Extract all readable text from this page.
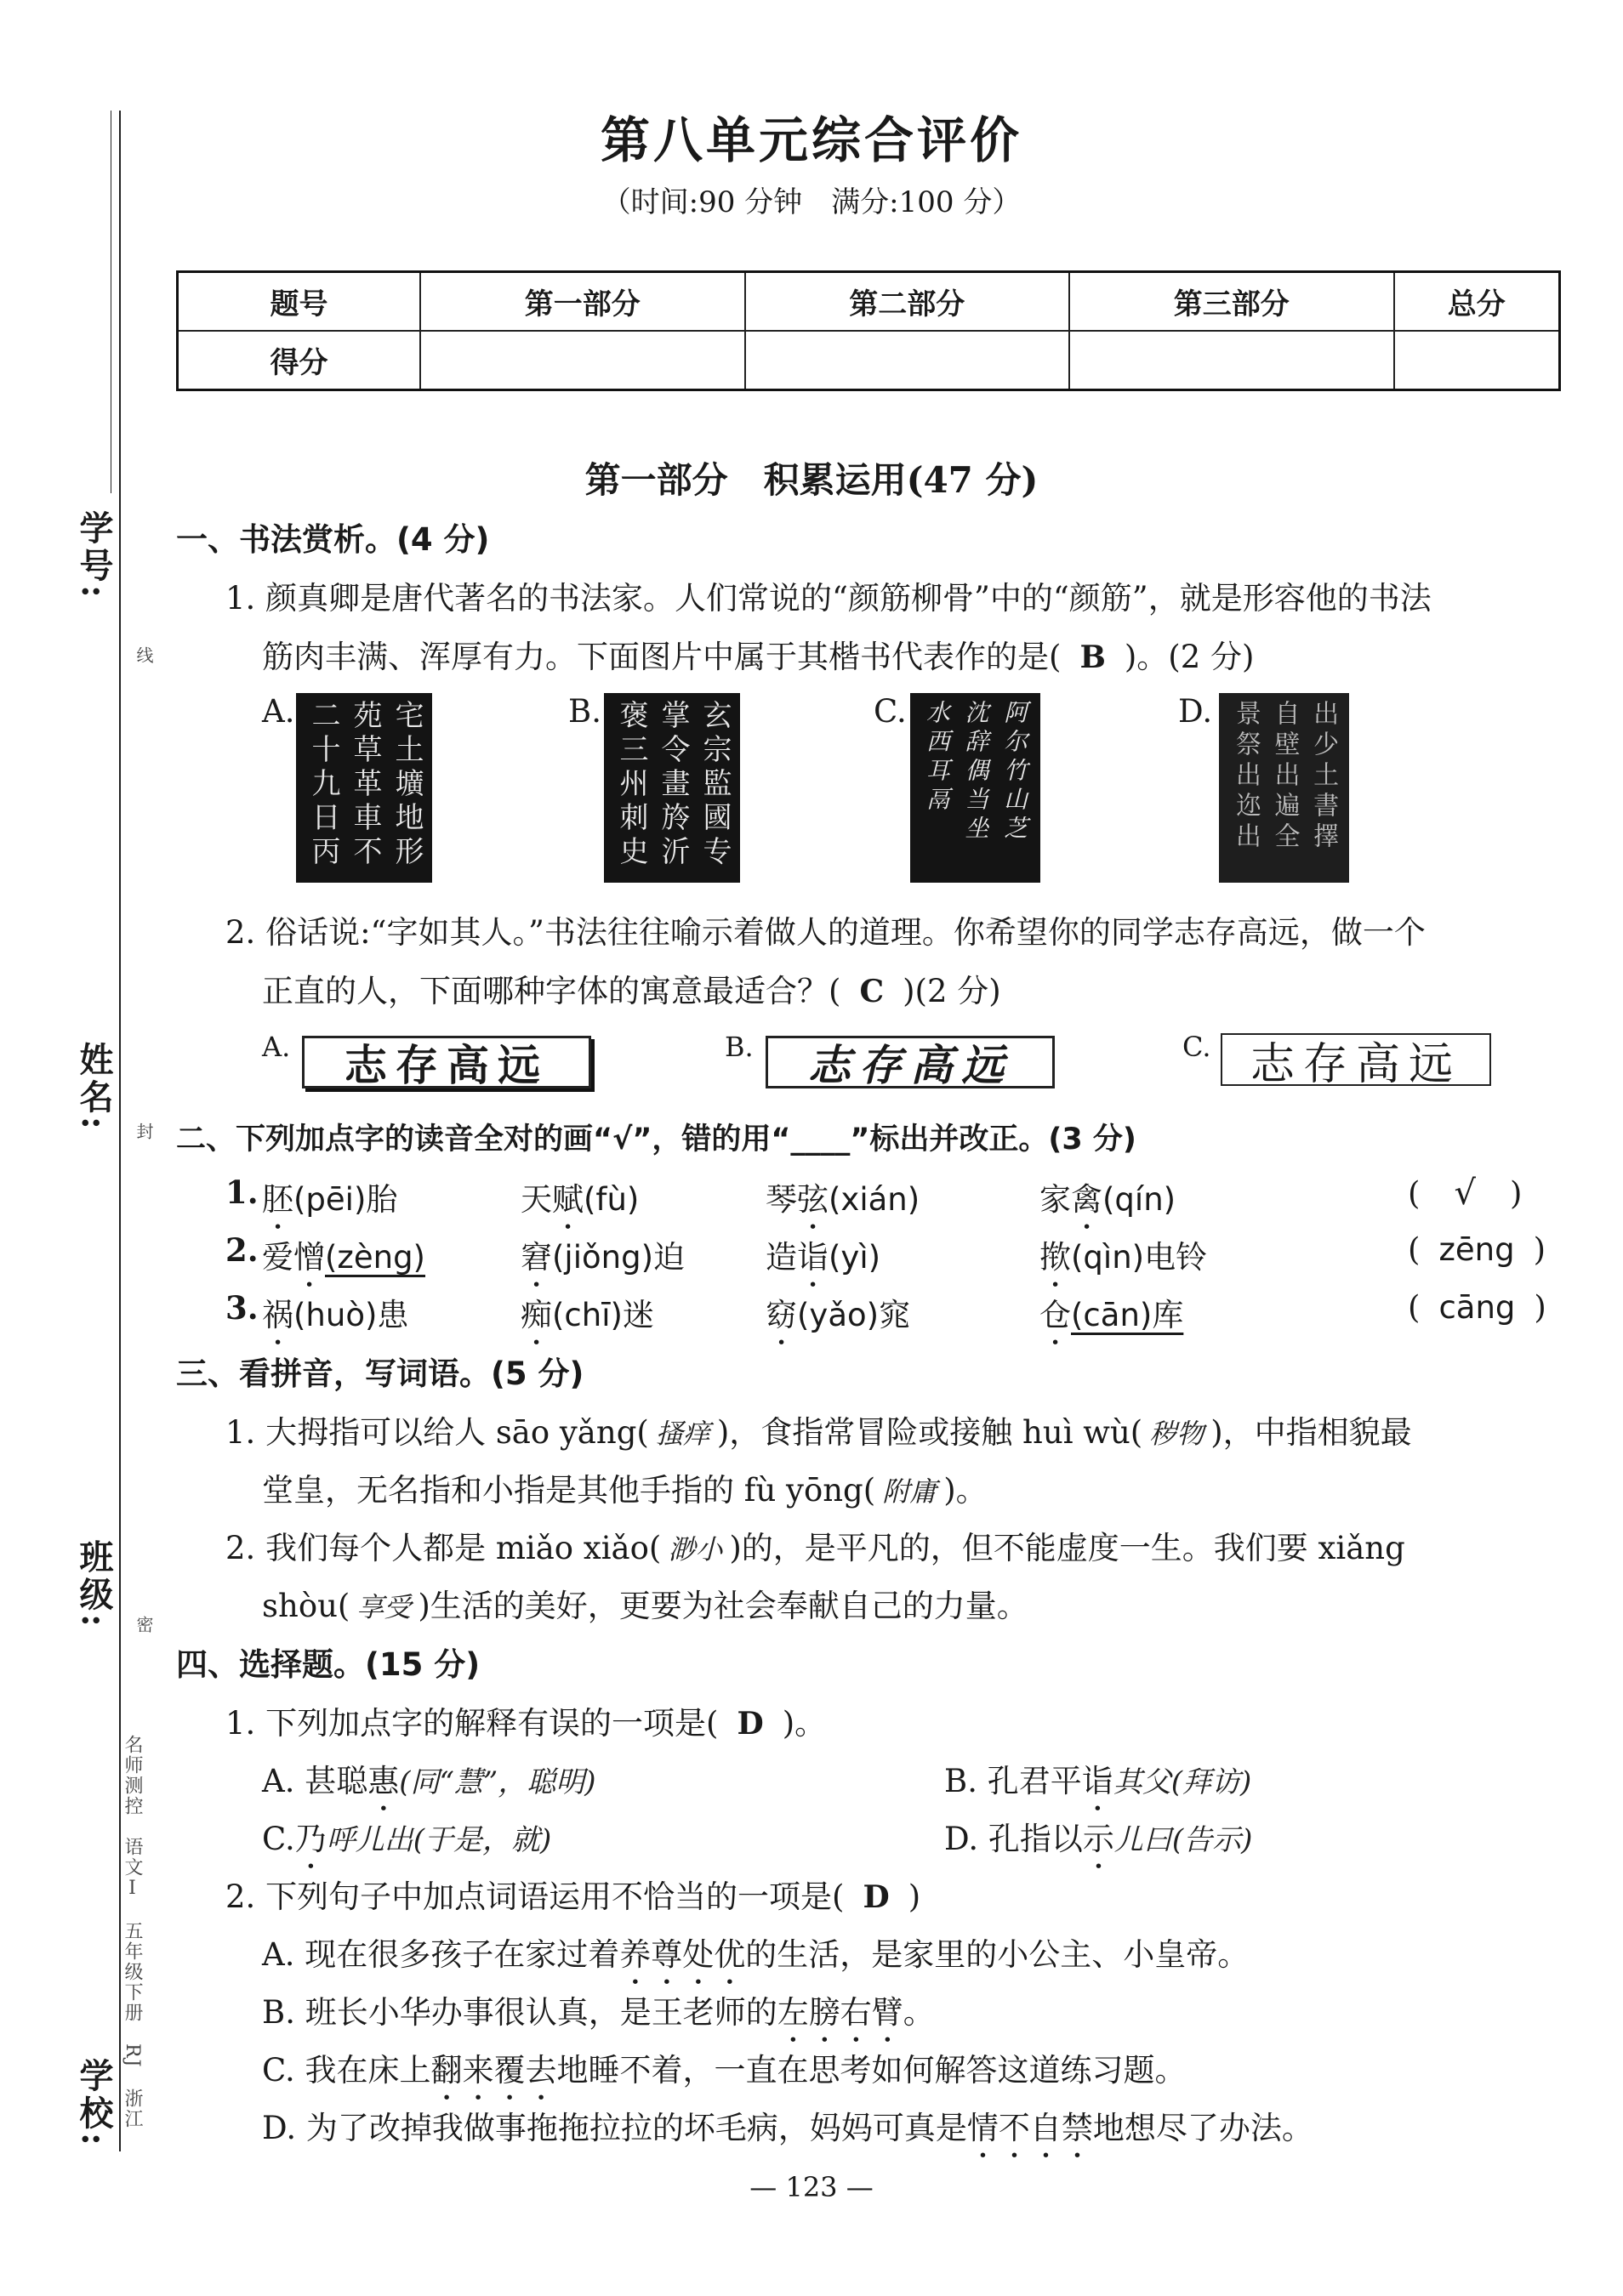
学号:
线
姓名: 封
班级: 密
学校: 名师测控　语文Ⅰ　五年级下册　RJ　浙江
第八单元综合评价
（时间:90 分钟　满分:100 分）
题号	第一部分	第二部分	第三部分	总分
得分				
第一部分　积累运用(47 分)
一、书法赏析。(4 分)
1. 颜真卿是唐代著名的书法家。人们常说的“颜筋柳骨”中的“颜筋”，就是形容他的书法
筋肉丰满、浑厚有力。下面图片中属于其楷书代表作的是( B )。(2 分)
A.	宅土壙地形
苑草革車不
二十九日丙	B.	玄宗監國专
掌令畫旍沂
褒三州刺史	C.	阿尔竹山芝
沈辞偶当坐
水西耳鬲	D.	出少土書擇
自壁出遍全
景祭出迩出
2. 俗话说:“字如其人。”书法往往喻示着做人的道理。你希望你的同学志存高远，做一个
正直的人，下面哪种字体的寓意最适合？( C )(2 分)
A.	志存高远	B.	志存高远	C. 志存高远
二、下列加点字的读音全对的画“√”，错的用“____”标出并改正。(3 分)
1. 胚(pēi)胎	天赋(fù)	琴弦(xián)	家禽(qín)	( √ )
2. 爱憎(zèng)	窘(jiǒng)迫	造诣(yì)	揿(qìn)电铃	( zēng )
3. 祸(huò)患	痴(chī)迷	窈(yǎo)窕	仓(cān)库	( cāng )
三、看拼音，写词语。(5 分)
1. 大拇指可以给人 sāo yǎng( 搔痒 )，食指常冒险或接触 huì wù( 秽物 )，中指相貌最
堂皇，无名指和小指是其他手指的 fù yōng( 附庸 )。
2. 我们每个人都是 miǎo xiǎo( 渺小 )的，是平凡的，但不能虚度一生。我们要 xiǎng
shòu( 享受 )生活的美好，更要为社会奉献自己的力量。
四、选择题。(15 分)
1. 下列加点字的解释有误的一项是( D )。
A. 甚聪惠(同“慧”，聪明)	B. 孔君平诣其父(拜访)
C.乃呼儿出(于是，就)	D. 孔指以示儿曰(告示)
2. 下列句子中加点词语运用不恰当的一项是( D )
A. 现在很多孩子在家过着养尊处优的生活，是家里的小公主、小皇帝。
B. 班长小华办事很认真，是王老师的左膀右臂。
C. 我在床上翻来覆去地睡不着，一直在思考如何解答这道练习题。
D. 为了改掉我做事拖拖拉拉的坏毛病，妈妈可真是情不自禁地想尽了办法。
— 123 —
